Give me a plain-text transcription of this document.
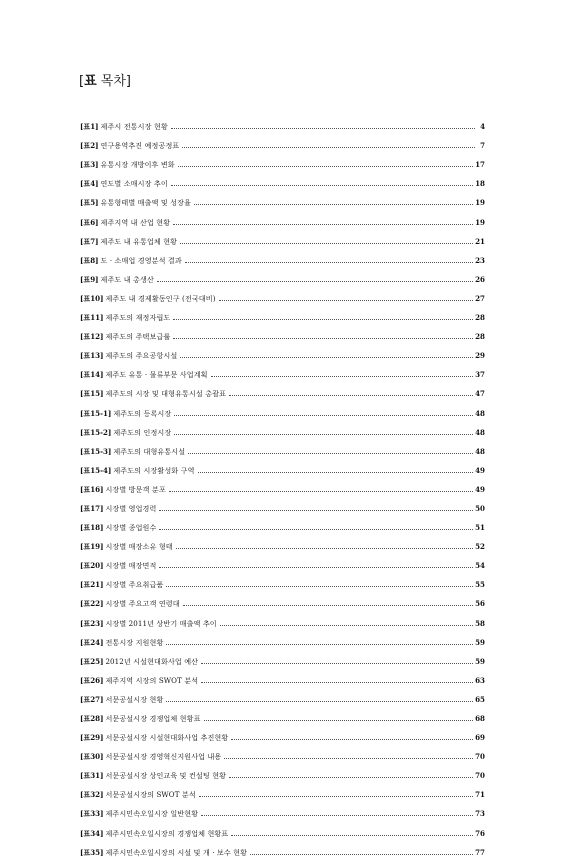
[표 목차]
[표1] 제주시 전통시장 현황	4
[표2] 연구용역추진 예정공정표	7
[표3] 유통시장 개방이후 변화	17
[표4] 연도별 소매시장 추이	18
[표5] 유통형태별 매출액 및 성장율	19
[표6] 제주지역 내 산업 현황	19
[표7] 제주도 내 유통업체 현황	21
[표8] 도 · 소매업 경영분석 결과	23
[표9] 제주도 내 총생산	26
[표10] 제주도 내 경제활동인구 (전국대비)	27
[표11] 제주도의 재정자립도	28
[표12] 제주도의 주택보급률	28
[표13] 제주도의 주요공항시설	29
[표14] 제주도 유통 · 물류부문 사업계획	37
[표15] 제주도의 시장 및 대형유통시설 총괄표	47
[표15-1] 제주도의 등록시장	48
[표15-2] 제주도의 인정시장	48
[표15-3] 제주도의 대형유통시설	48
[표15-4] 제주도의 시장활성화 구역	49
[표16] 시장별 방문객 분포	49
[표17] 시장별 영업경력	50
[표18] 시장별 종업원수	51
[표19] 시장별 매장소유 형태	52
[표20] 시장별 매장면적	54
[표21] 시장별 주요취급품	55
[표22] 시장별 주요고객 연령대	56
[표23] 시장별 2011년 상반기 매출액 추이	58
[표24] 전통시장 지원현황	59
[표25] 2012년 시설현대화사업 예산	59
[표26] 제주지역 시장의 SWOT 분석	63
[표27] 서문공설시장 현황	65
[표28] 서문공설시장 경쟁업체 현황표	68
[표29] 서문공설시장 시설현대화사업 추진현황	69
[표30] 서문공설시장 경영혁신지원사업 내용	70
[표31] 서문공설시장 상인교육 및 컨설팅 현황	70
[표32] 서문공설시장의 SWOT 분석	71
[표33] 제주시민속오일시장 일반현황	73
[표34] 제주시민속오일시장의 경쟁업체 현황표	76
[표35] 제주시민속오일시장의 시설 및 개 · 보수 현황	77
